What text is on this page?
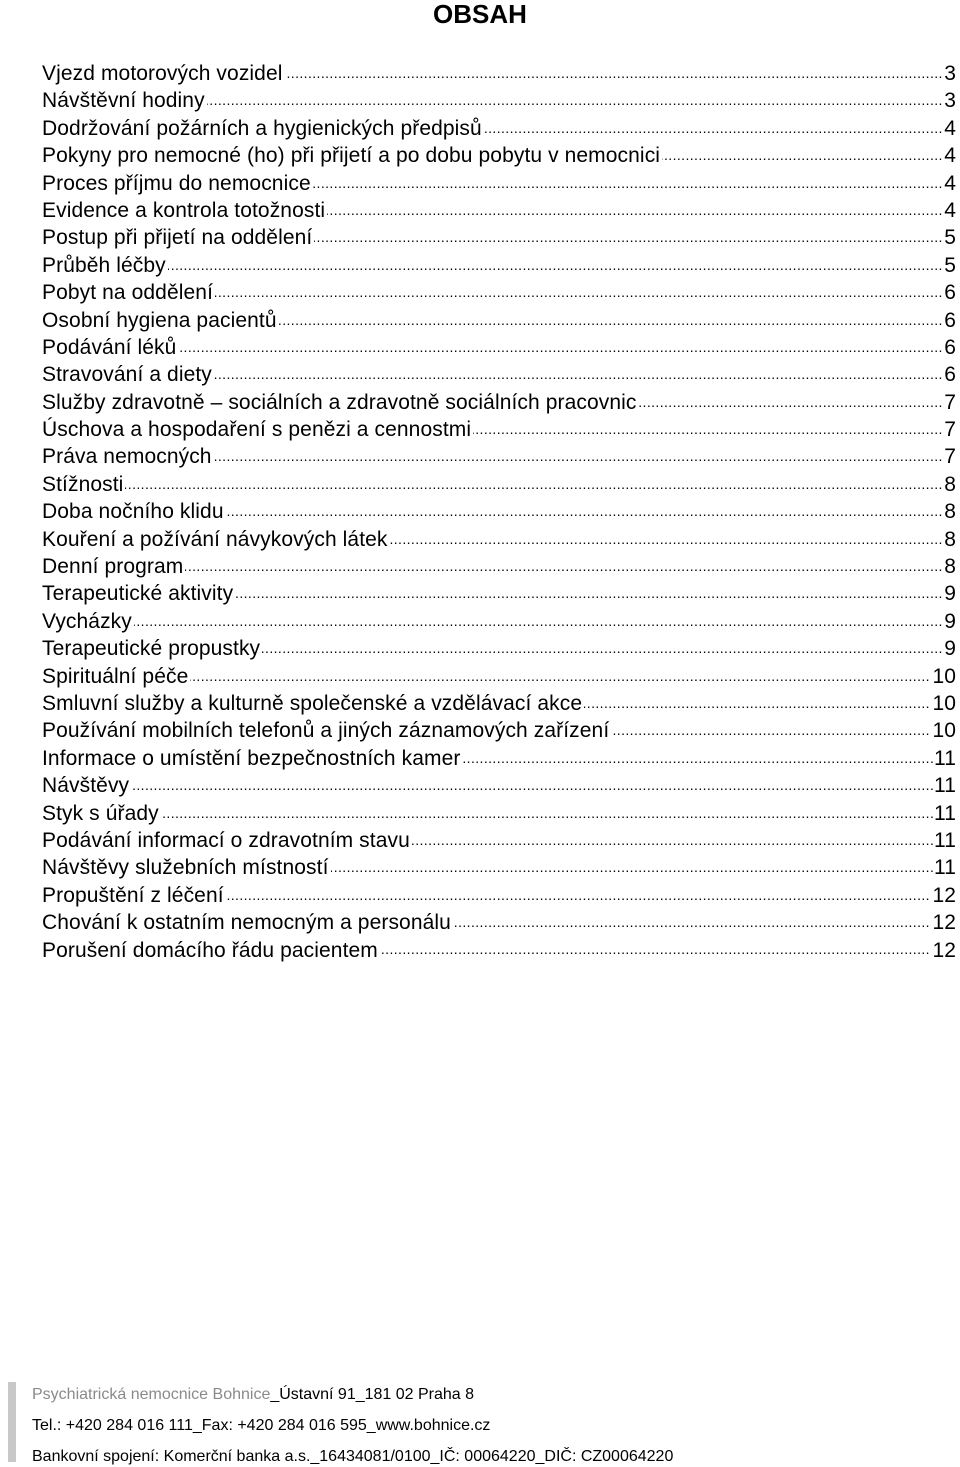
OBSAH
..... Vjezd motorových vozidel	3
..... Návštěvní hodiny	3
..... Dodržování požárních a hygienických předpisů	4
..... Pokyny pro nemocné (ho) při přijetí a po dobu pobytu v nemocnici	4
..... Proces příjmu do nemocnice	4
..... Evidence a kontrola totožnosti	4
..... Postup při přijetí na oddělení	5
..... Průběh léčby	5
..... Pobyt na oddělení	6
..... Osobní hygiena pacientů	6
..... Podávání léků	6
..... Stravování a diety	6
..... Služby zdravotně – sociálních a zdravotně sociálních pracovnic	7
..... Úschova a hospodaření s penězi a cennostmi	7
..... Práva nemocných	7
..... Stížnosti	8
..... Doba nočního klidu	8
..... Kouření a požívání návykových látek	8
..... Denní program	8
..... Terapeutické aktivity	9
..... Vycházky	9
..... Terapeutické propustky	9
..... Spirituální péče	10
..... Smluvní služby a kulturně společenské a vzdělávací akce	10
..... Používání mobilních telefonů a jiných záznamových zařízení	10
..... Informace o umístění bezpečnostních kamer	11
..... Návštěvy	11
..... Styk s úřady	11
..... Podávání informací o zdravotním stavu	11
..... Návštěvy služebních místností	11
..... Propuštění z léčení	12
..... Chování k ostatním nemocným a personálu	12
..... Porušení domácího řádu pacientem	12
Psychiatrická nemocnice Bohnice_Ústavní 91_181 02 Praha 8
Tel.: +420 284 016 111_Fax: +420 284 016 595_www.bohnice.cz
Bankovní spojení: Komerční banka a.s._16434081/0100_IČ: 00064220_DIČ: CZ00064220
